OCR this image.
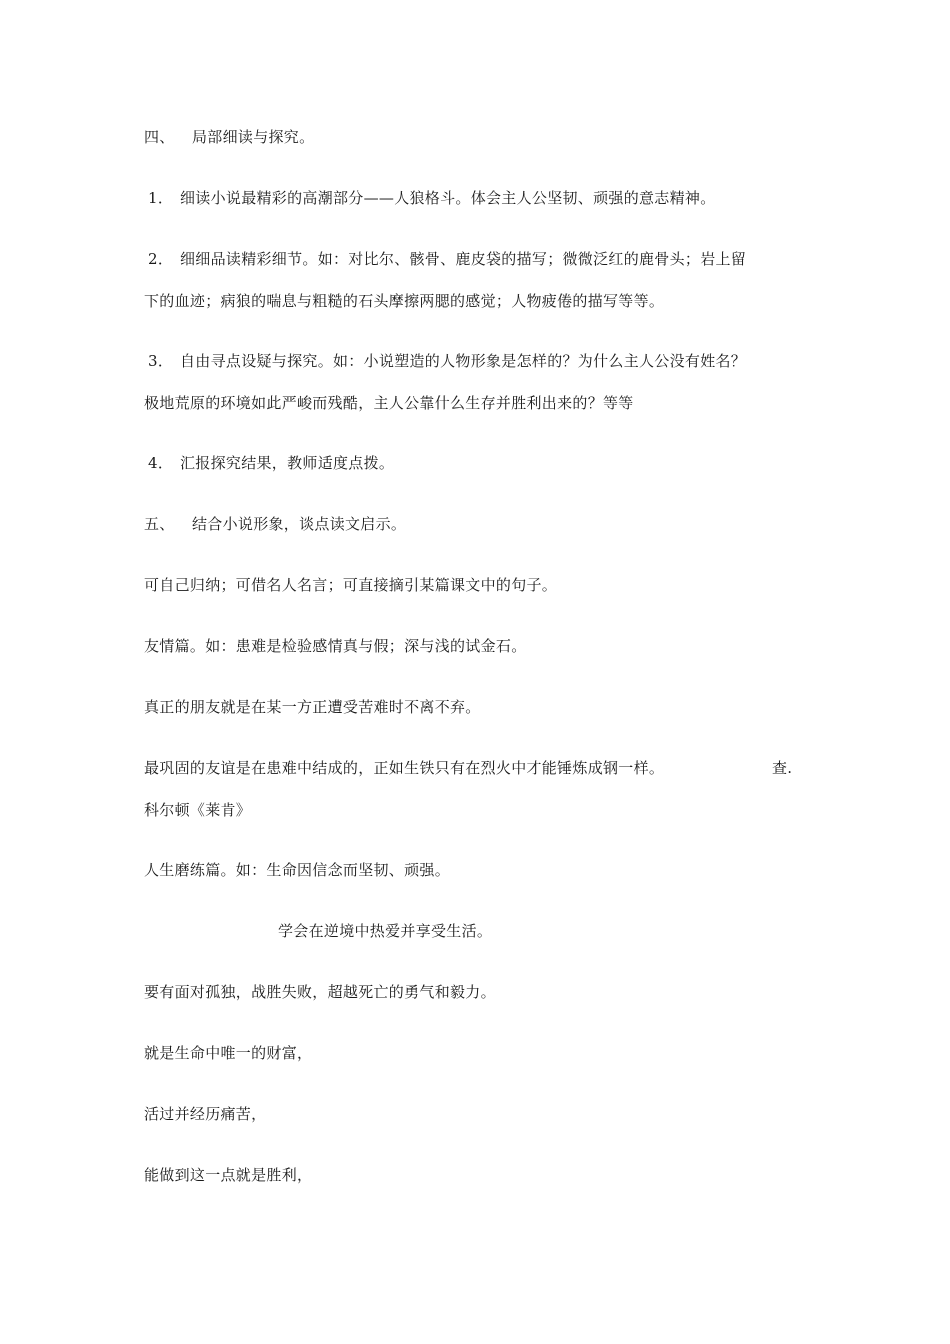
四、 局部细读与探究。
1． 细读小说最精彩的高潮部分——人狼格斗。体会主人公坚韧、顽强的意志精神。
2． 细细品读精彩细节。如：对比尔、骸骨、鹿皮袋的描写；微微泛红的鹿骨头；岩上留
下的血迹；病狼的喘息与粗糙的石头摩擦两腮的感觉；人物疲倦的描写等等。
3． 自由寻点设疑与探究。如：小说塑造的人物形象是怎样的？为什么主人公没有姓名？
极地荒原的环境如此严峻而残酷，主人公靠什么生存并胜利出来的？等等
4． 汇报探究结果，教师适度点拨。
五、 结合小说形象，谈点读文启示。
可自己归纳；可借名人名言；可直接摘引某篇课文中的句子。
友情篇。如：患难是检验感情真与假；深与浅的试金石。
真正的朋友就是在某一方正遭受苦难时不离不弃。
最巩固的友谊是在患难中结成的，正如生铁只有在烈火中才能锤炼成钢一样。	查.
科尔顿《莱肯》
人生磨练篇。如：生命因信念而坚韧、顽强。
学会在逆境中热爱并享受生活。
要有面对孤独，战胜失败，超越死亡的勇气和毅力。
就是生命中唯一的财富，
活过并经历痛苦，
能做到这一点就是胜利，
